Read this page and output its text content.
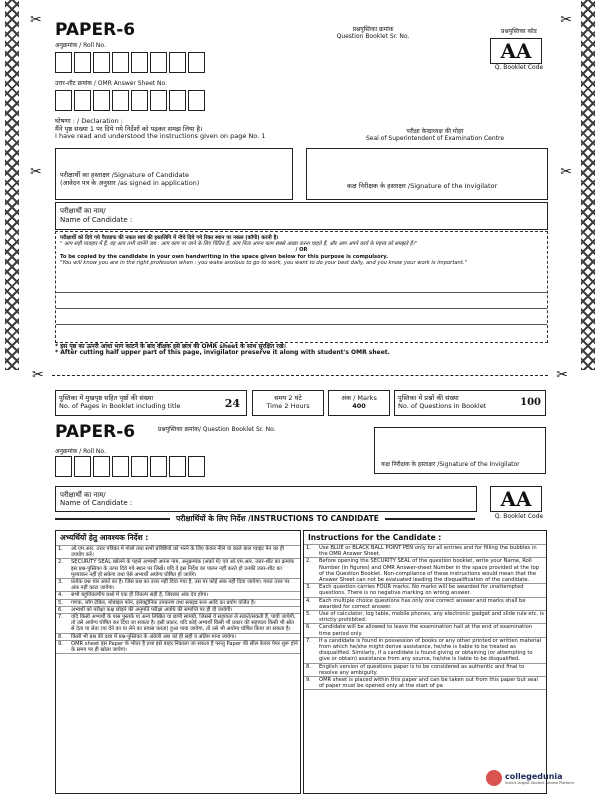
✂
✂
✂
✂
PAPER-6
अनुक्रमांक / Roll No.
उत्तर-शीट क्रमांक / OMR Answer Sheet No.
प्रश्नपुस्तिका क्रमांक
Question Booklet Sr. No.
प्रश्नपुस्तिका कोड
AA
Q. Booklet Code
घोषणा : / Declaration :
मैंने पृष्ठ संख्या 1 पर दिये गये निर्देशों को पढ़कर समझ लिया है।
I have read and understood the instructions given on page No. 1
परीक्षा केन्द्राध्यक्ष की मोहर
Seal of Superintendent of Examination Centre
परीक्षार्थी का हस्ताक्षर /Signature of Candidate
(आवेदन पत्र के अनुसार /as signed in application)	कक्ष निरीक्षक के हस्ताक्षर /Signature of the Invigilator
परीक्षार्थी का नाम/
Name of Candidate :
परीक्षार्थी को दिये गये पैराग्राफ की नकल स्वयं की हस्तलिपि में नीचे दिये गये रिक्त स्थान पर नकल (कॉपी) करनी है।
" आप सही व्यवहार में हैं, यह आप तभी जानेंगे जब : आप काम पर जाने के लिए चिंतित हैं, आप नित्य अपना काम सबसे अच्छा करना चाहते हैं, और आप अपने कार्य के महत्त्व को समझते हैं।"
/ OR
To be copied by the candidate in your own handwriting in the space given below for this purpose is compulsory.
"You will know you are in the right profession when : you wake anxious to go to work, you want to do your best daily, and you know your work is important."
* इस पृष्ठ का ऊपरी आधा भाग काटने के बाद वीक्षक इसे छात्र की OMR sheet के साथ सुरक्षित रखे।
* After cutting half upper part of this page, invigilator preserve it along with student's OMR sheet.
✂	✂
पुस्तिका में मुखपृष्ठ सहित पृष्ठों की संख्या
No. of Pages in Booklet including title	24	समय 2 घंटे
Time 2 Hours
अंक / Marks
400
पुस्तिका में प्रश्नों की संख्या
No. of Questions in Booklet	100
PAPER-6	प्रश्नपुस्तिका क्रमांक/ Question Booklet Sr. No.
अनुक्रमांक / Roll No.
कक्ष निरीक्षक के हस्ताक्षर /Signature of the Invigilator
परीक्षार्थी का नाम/
Name of Candidate :	AA
Q. Booklet Code
परीक्षार्थियों के लिए निर्देश /INSTRUCTIONS TO CANDIDATE
अभ्यर्थियों हेतु आवश्यक निर्देश :
1.	ओ.एम.आर. उत्तर पत्रिका में गोलों तथा सभी प्रविष्टियों को भरने के लिए केवल नीले या काले बाल प्वाइंट पेन का ही उपयोग करें।
2.	SECURITY SEAL खोलने के पहले अभ्यर्थी अपना नाम, अनुक्रमांक (अंकों में) एवं ओ.एम.आर. उत्तर-शीट का क्रमांक इस प्रश्न-पुस्तिका के ऊपर दिये गये स्थान पर लिखें। यदि वे इस निर्देश का पालन नहीं करते हो उनकी उत्तर-शीट का मूल्यांकन नहीं हो सकेगा तथा ऐसे अभ्यर्थी अयोग्य घोषित हो जायेंगे।
3.	प्रत्येक प्रश्न चार अंकों का है। जिस प्रश्न का उत्तर नहीं दिया गया है, उस पर कोई अंक नहीं दिया जायेगा। गलत उत्तर पर अंक नहीं काटा जायेगा।
4.	सभी बहुविकल्पीय प्रश्नों में एक ही विकल्प सही है, जिसका अंक देय होगा।
5.	गणक, लॉग टेबिल, मोबाइल फोन, इलेक्ट्रॉनिक उपकरण तथा स्लाइड रूल आदि का प्रयोग वर्जित है।
6.	अभ्यर्थी को परीक्षा कक्ष छोड़ने की अनुमति परीक्षा अवधि की समाप्ति पर ही दी जायेगी।
7.	यदि किसी अभ्यर्थी के पास पुस्तकें या अन्य लिखित या छापी सामग्री, जिससे वे सहायता ले सकते/सकती हैं, पायी जायेगी, तो उसे अयोग्य घोषित कर दिया जा सकता है। इसी प्रकार, यदि कोई अभ्यर्थी किसी भी प्रकार की सहायता किसी भी स्रोत से देता या लेता (या देने का या लेने का प्रयास करता) हुआ पाया जायेगा, तो उसे भी अयोग्य घोषित किया जा सकता है।
8.	किसी भी प्रश्न की दशा में प्रश्न-पुस्तिका के अंग्रेजी अंश को ही सही व अंतिम माना जायेगा।
9.	OMR sheet इस Paper के भीतर है तथा इसे बाहर निकाला जा सकता है परन्तु Paper की सील केवल पेपर शुरू होने के समय पर ही खोला जायेगा।
Instructions for the Candidate :
1.	Use BLUE or BLACK BALL POINT PEN only for all entries and for filling the bubbles in the OMR Answer Sheet.
2.	Before opening the SECURITY SEAL of the question booklet, write your Name, Roll Number (in figures) and OMR Answer-sheet Number in the space provided at the top of the Question Booklet. Non-compliance of these instructions would mean that the Answer Sheet can not be evaluated leading the disqualification of the candidate.
3.	Each question carries FOUR marks. No marks will be awarded for unattempted questions. There is no negative marking on wrong answer.
4.	Each multiple choice questions has only one correct answer and marks shall be awarded for correct answer.
5.	Use of calculator, log table, mobile phones, any electronic gadget and slide rule etc. is strictly prohibited.
6.	Candidate will be allowed to leave the examination hall at the end of examination time period only.
7.	If a candidate is found in possession of books or any other printed or written material from which he/she might derive assistance, he/she is liable to be treated as disqualified. Similarly, if a candidate is found giving or obtaining (or attempting to give or obtain) assistance from any source, he/she is liable to be disqualified.
8.	English version of questions paper is to be considered as authentic and final to resolve any ambiguity.
9.	OMR sheet is placed within this paper and can be taken out from this paper but seal of paper must be opened only at the start of pa
collegedunia
India's largest Student Review Platform
